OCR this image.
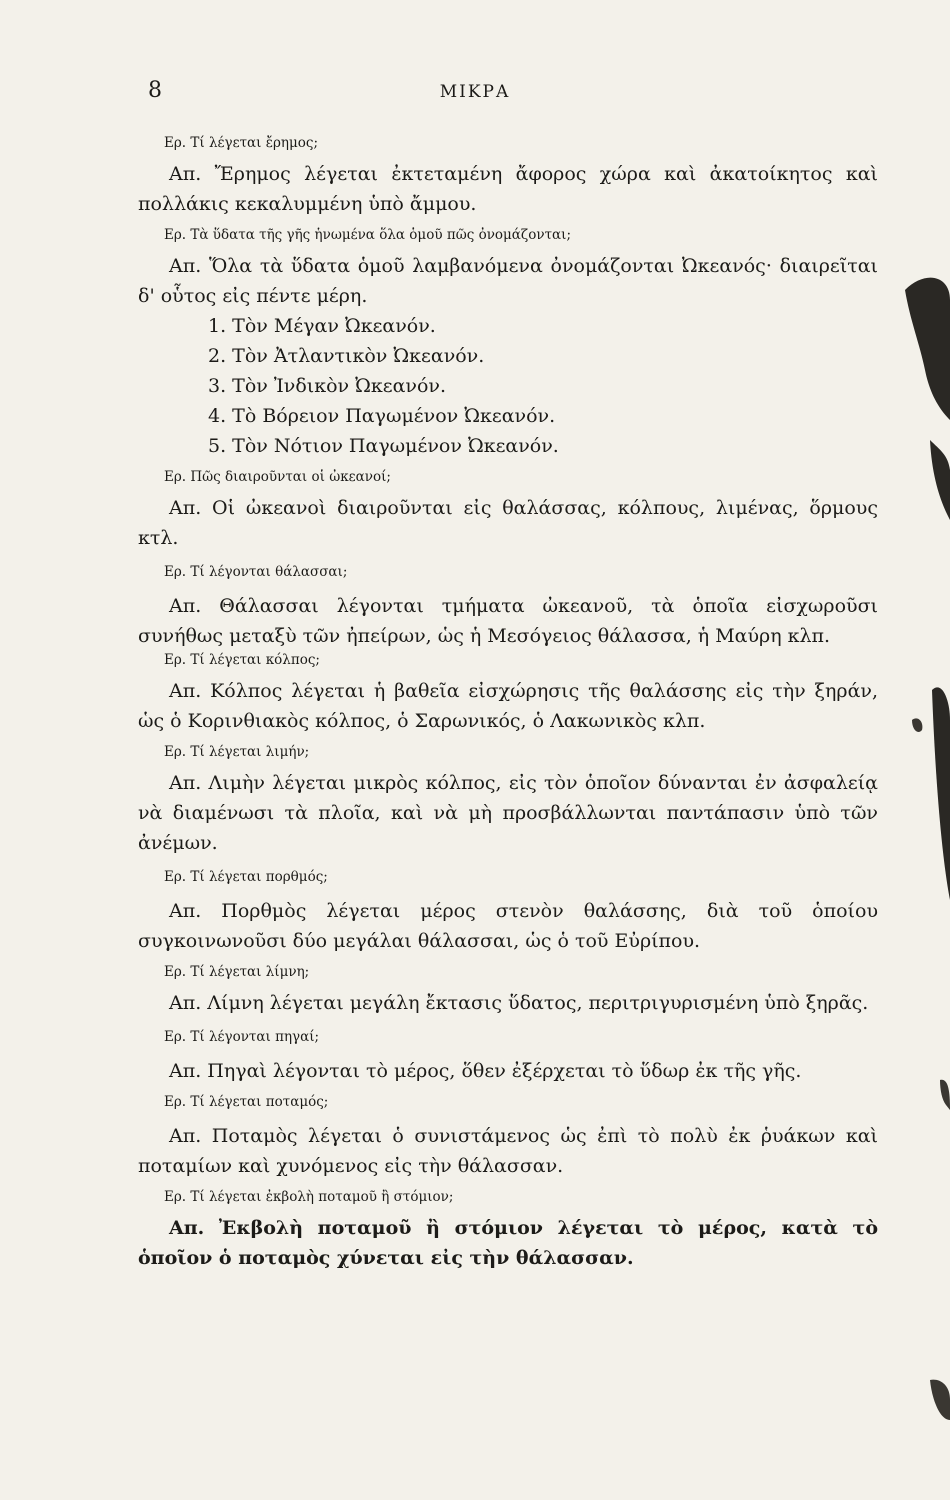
8	ΜΙΚΡΑ

Ερ. Τί λέγεται ἔρημος;

Απ. Ἔρημος λέγεται ἐκτεταμένη ἄφορος χώρα καὶ ἀκατοίκητος καὶ πολλάκις κεκαλυμμένη ὑπὸ ἄμμου.

Ερ. Τὰ ὕδατα τῆς γῆς ἡνωμένα ὅλα ὁμοῦ πῶς ὀνομάζονται;

Απ. Ὅλα τὰ ὕδατα ὁμοῦ λαμβανόμενα ὀνομάζονται Ὠκεανός· διαιρεῖται δ' οὗτος εἰς πέντε μέρη.

1. Τὸν Μέγαν Ὠκεανόν.

2. Τὸν Ἀτλαντικὸν Ὠκεανόν.

3. Τὸν Ἰνδικὸν Ὠκεανόν.

4. Τὸ Βόρειον Παγωμένον Ὠκεανόν.

5. Τὸν Νότιον Παγωμένον Ὠκεανόν.

Ερ. Πῶς διαιροῦνται οἱ ὠκεανοί;

Απ. Οἱ ὠκεανοὶ διαιροῦνται εἰς θαλάσσας, κόλπους, λιμένας, ὅρμους κτλ.

Ερ. Τί λέγονται θάλασσαι;

Απ. Θάλασσαι λέγονται τμήματα ὠκεανοῦ, τὰ ὁποῖα εἰσχωροῦσι συνήθως μεταξὺ τῶν ἠπείρων, ὡς ἡ Μεσόγειος θάλασσα, ἡ Μαύρη κλπ.

Ερ. Τί λέγεται κόλπος;

Απ. Κόλπος λέγεται ἡ βαθεῖα εἰσχώρησις τῆς θαλάσσης εἰς τὴν ξηράν, ὡς ὁ Κορινθιακὸς κόλπος, ὁ Σαρωνικός, ὁ Λακωνικὸς κλπ.

Ερ. Τί λέγεται λιμήν;

Απ. Λιμὴν λέγεται μικρὸς κόλπος, εἰς τὸν ὁποῖον δύνανται ἐν ἀσφαλείᾳ νὰ διαμένωσι τὰ πλοῖα, καὶ νὰ μὴ προσβάλλωνται παντάπασιν ὑπὸ τῶν ἀνέμων.

Ερ. Τί λέγεται πορθμός;

Απ. Πορθμὸς λέγεται μέρος στενὸν θαλάσσης, διὰ τοῦ ὁποίου συγκοινωνοῦσι δύο μεγάλαι θάλασσαι, ὡς ὁ τοῦ Εὐρίπου.

Ερ. Τί λέγεται λίμνη;

Απ. Λίμνη λέγεται μεγάλη ἔκτασις ὕδατος, περιτριγυρισμένη ὑπὸ ξηρᾶς.

Ερ. Τί λέγονται πηγαί;

Απ. Πηγαὶ λέγονται τὸ μέρος, ὅθεν ἐξέρχεται τὸ ὕδωρ ἐκ τῆς γῆς.

Ερ. Τί λέγεται ποταμός;

Απ. Ποταμὸς λέγεται ὁ συνιστάμενος ὡς ἐπὶ τὸ πολὺ ἐκ ῥυάκων καὶ ποταμίων καὶ χυνόμενος εἰς τὴν θάλασσαν.

Ερ. Τί λέγεται ἐκβολὴ ποταμοῦ ἢ στόμιον;

Απ. Ἐκβολὴ ποταμοῦ ἢ στόμιον λέγεται τὸ μέρος, κατὰ τὸ ὁποῖον ὁ ποταμὸς χύνεται εἰς τὴν θάλασσαν.
